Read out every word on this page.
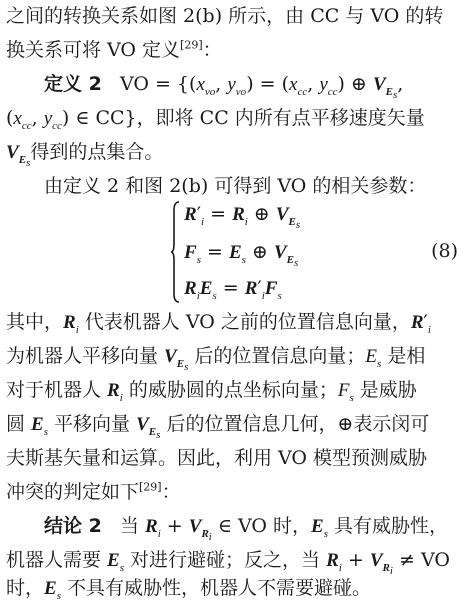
之间的转换关系如图 2(b) 所示，由 CC 与 VO 的转
换关系可将 VO 定义[29]：
定义 2   VO = {($x_{vo}$, $y_{vo}) = (x_{cc}$, $y_{cc}$) ⊕ $V_{E_s}$,
($x_{cc}$, $y_{cc}$) ∈ CC}，即将 CC 内所有点平移速度矢量
$V_{E_s}$得到的点集合。
由定义 2 和图 2(b) 可得到 VO 的相关参数：
$R'_i = R_i$ ⊕ $V_{E_s}$
$F_s = E_s$ ⊕ $V_{E_s}$
$R_iE_s = R'_iF_s$
(8)
其中，$R_i$ 代表机器人 VO 之前的位置信息向量，$R'_i$
为机器人平移向量 $V_{E_s}$ 后的位置信息向量；$E_s$ 是相
对于机器人 $R_i$ 的威胁圆的点坐标向量；$F_s$ 是威胁
圆 $E_s$ 平移向量 $V_{E_s}$ 后的位置信息几何，⊕表示闵可
夫斯基矢量和运算。因此，利用 VO 模型预测威胁
冲突的判定如下[29]：
结论 2   当 $R_i + V_{R_i}$ ∈ VO 时，$E_s$ 具有威胁性，
机器人需要 $E_s$ 对进行避碰；反之，当 $R_i + V_{R_i}$ ≠ VO
时，$E_s$ 不具有威胁性，机器人不需要避碰。
